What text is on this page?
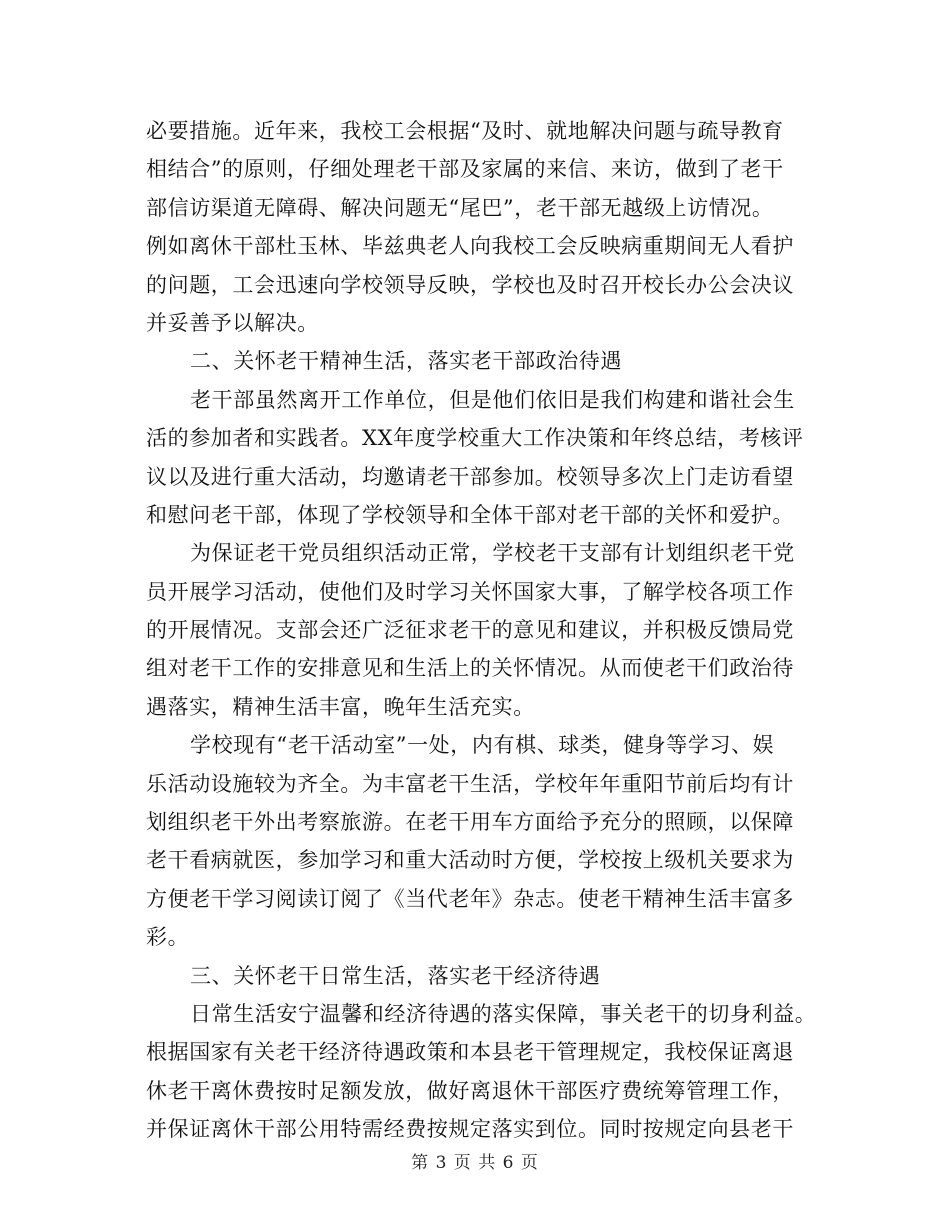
必要措施。近年来，我校工会根据“及时、就地解决问题与疏导教育
相结合”的原则，仔细处理老干部及家属的来信、来访，做到了老干
部信访渠道无障碍、解决问题无“尾巴”，老干部无越级上访情况。
例如离休干部杜玉林、毕兹典老人向我校工会反映病重期间无人看护
的问题，工会迅速向学校领导反映，学校也及时召开校长办公会决议
并妥善予以解决。
二、关怀老干精神生活，落实老干部政治待遇
老干部虽然离开工作单位，但是他们依旧是我们构建和谐社会生
活的参加者和实践者。XX年度学校重大工作决策和年终总结，考核评
议以及进行重大活动，均邀请老干部参加。校领导多次上门走访看望
和慰问老干部，体现了学校领导和全体干部对老干部的关怀和爱护。
为保证老干党员组织活动正常，学校老干支部有计划组织老干党
员开展学习活动，使他们及时学习关怀国家大事，了解学校各项工作
的开展情况。支部会还广泛征求老干的意见和建议，并积极反馈局党
组对老干工作的安排意见和生活上的关怀情况。从而使老干们政治待
遇落实，精神生活丰富，晚年生活充实。
学校现有“老干活动室”一处，内有棋、球类，健身等学习、娱
乐活动设施较为齐全。为丰富老干生活，学校年年重阳节前后均有计
划组织老干外出考察旅游。在老干用车方面给予充分的照顾，以保障
老干看病就医，参加学习和重大活动时方便，学校按上级机关要求为
方便老干学习阅读订阅了《当代老年》杂志。使老干精神生活丰富多
彩。
三、关怀老干日常生活，落实老干经济待遇
日常生活安宁温馨和经济待遇的落实保障，事关老干的切身利益。
根据国家有关老干经济待遇政策和本县老干管理规定，我校保证离退
休老干离休费按时足额发放，做好离退休干部医疗费统筹管理工作，
并保证离休干部公用特需经费按规定落实到位。同时按规定向县老干
第 3 页 共 6 页
